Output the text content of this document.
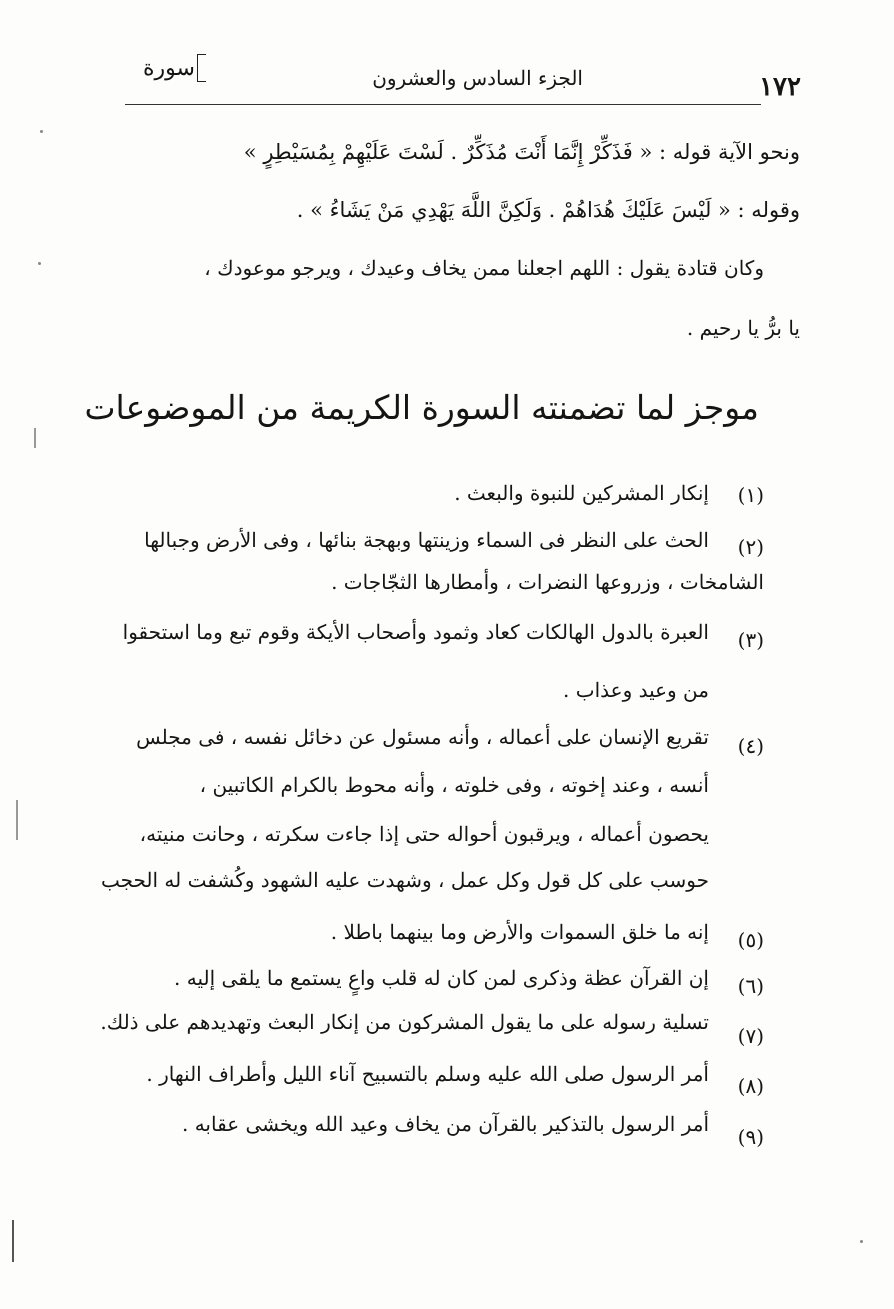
١٧٢
الجزء السادس والعشرون
سورة
ونحو الآية قوله : « فَذَكِّرْ إِنَّمَا أَنْتَ مُذَكِّرٌ . لَسْتَ عَلَيْهِمْ بِمُسَيْطِرٍ »
وقوله : « لَيْسَ عَلَيْكَ هُدَاهُمْ . وَلَكِنَّ اللَّهَ يَهْدِي مَنْ يَشَاءُ » .
وكان قتادة يقول : اللهم اجعلنا ممن يخاف وعيدك ، ويرجو موعودك ،
يا برُّ يا رحيم .
موجز لما تضمنته السورة الكريمة من الموضوعات
(١)
إنكار المشركين للنبوة والبعث .
(٢)
الحث على النظر فى السماء وزينتها وبهجة بنائها ، وفى الأرض وجبالها
الشامخات ، وزروعها النضرات ، وأمطارها الثجّاجات .
(٣)
العبرة بالدول الهالكات كعاد وثمود وأصحاب الأيكة وقوم تبع وما استحقوا
من وعيد وعذاب .
(٤)
تقريع الإنسان على أعماله ، وأنه مسئول عن دخائل نفسه ، فى مجلس
أنسه ، وعند إخوته ، وفى خلوته ، وأنه محوط بالكرام الكاتبين ،
يحصون أعماله ، ويرقبون أحواله حتى إذا جاءت سكرته ، وحانت منيته،
حوسب على كل قول وكل عمل ، وشهدت عليه الشهود وكُشفت له الحجب
(٥)
إنه ما خلق السموات والأرض وما بينهما باطلا .
(٦)
إن القرآن عظة وذكرى لمن كان له قلب واعٍ يستمع ما يلقى إليه .
(٧)
تسلية رسوله على ما يقول المشركون من إنكار البعث وتهديدهم على ذلك.
(٨)
أمر الرسول صلى الله عليه وسلم بالتسبيح آناء الليل وأطراف النهار .
(٩)
أمر الرسول بالتذكير بالقرآن من يخاف وعيد الله ويخشى عقابه .
